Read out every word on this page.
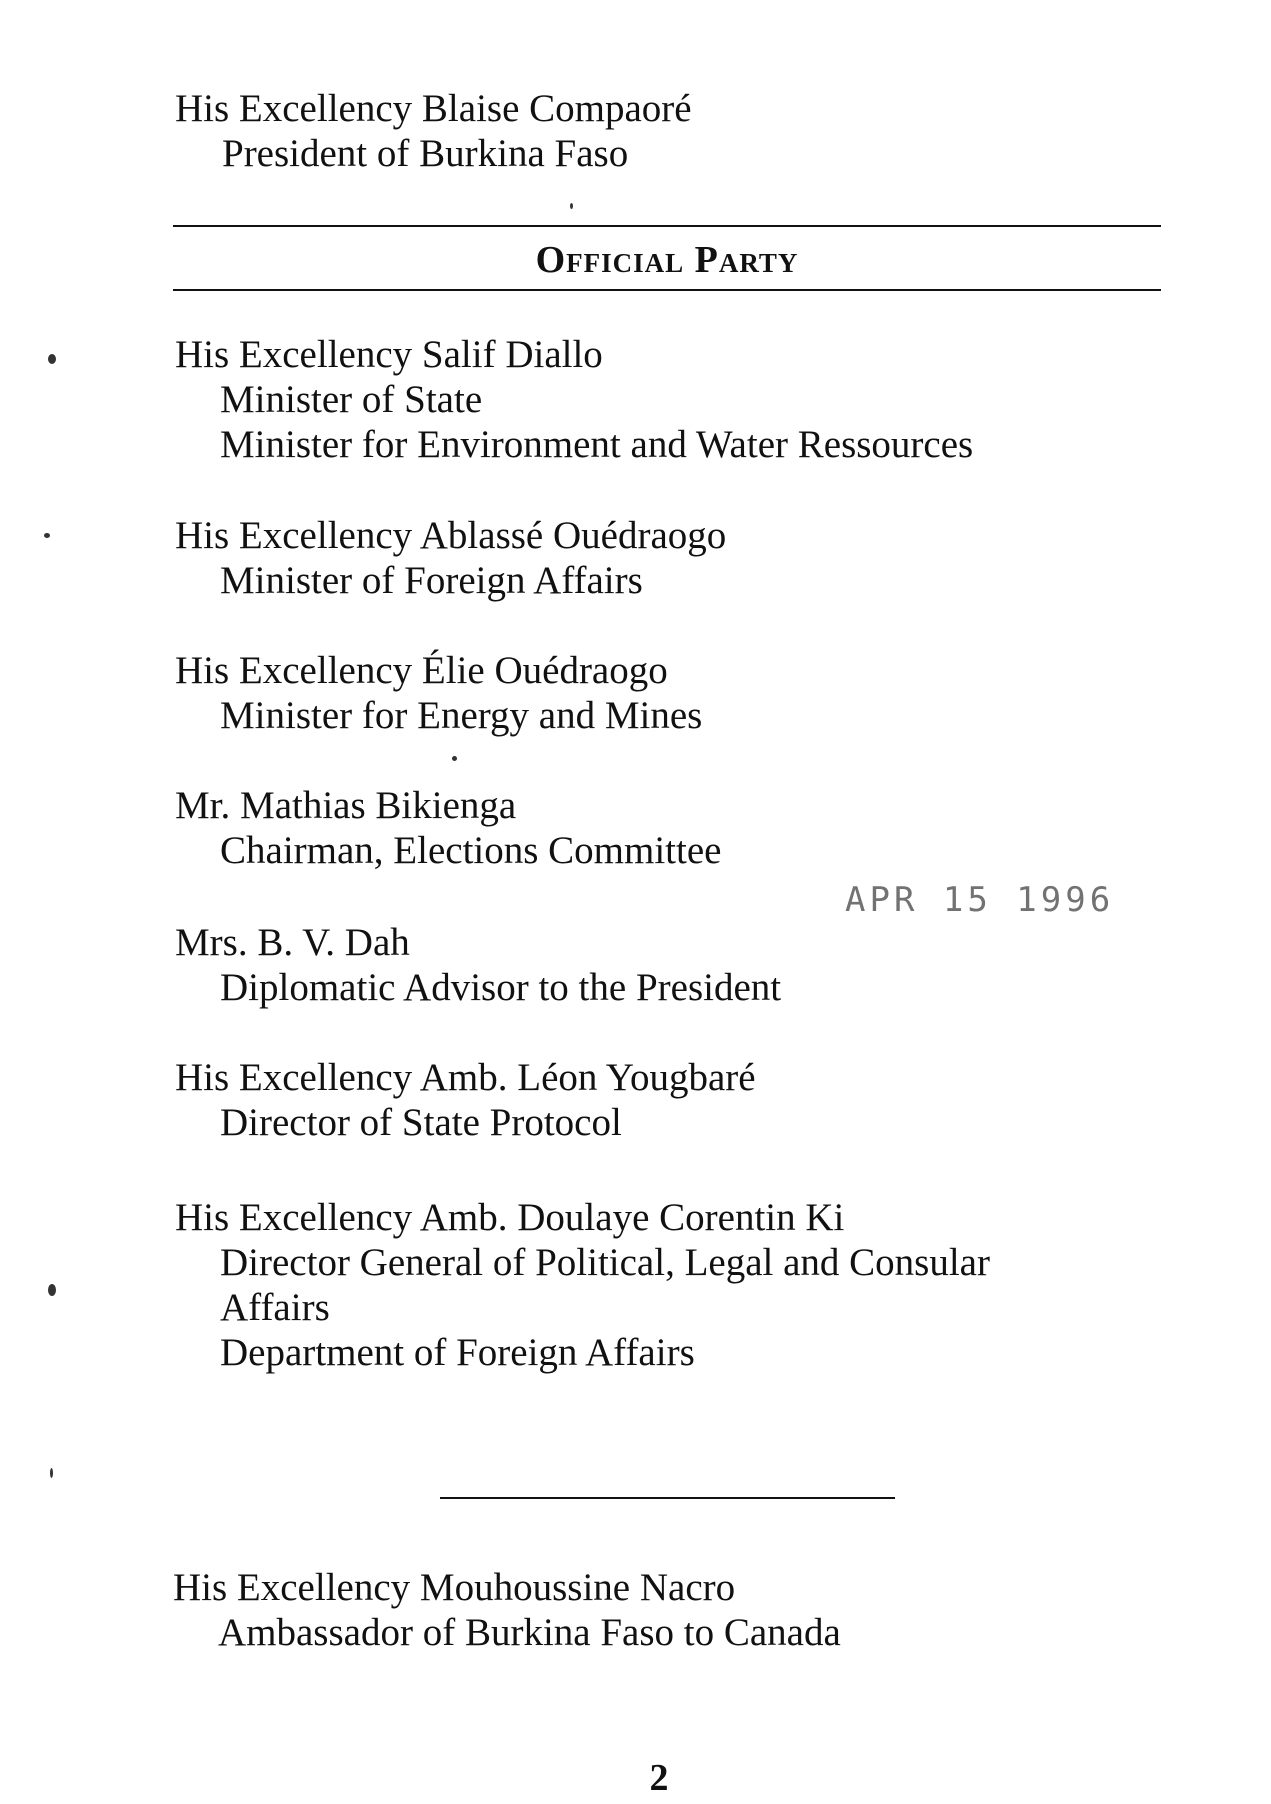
His Excellency Blaise Compaoré
President of Burkina Faso
Official Party
His Excellency Salif Diallo
Minister of State
Minister for Environment and Water Ressources
His Excellency Ablassé Ouédraogo
Minister of Foreign Affairs
His Excellency Élie Ouédraogo
Minister for Energy and Mines
Mr. Mathias Bikienga
Chairman, Elections Committee
APR 15 1996
Mrs. B. V. Dah
Diplomatic Advisor to the President
His Excellency Amb. Léon Yougbaré
Director of State Protocol
His Excellency Amb. Doulaye Corentin Ki
Director General of Political, Legal and Consular
Affairs
Department of Foreign Affairs
His Excellency Mouhoussine Nacro
Ambassador of Burkina Faso to Canada
2
